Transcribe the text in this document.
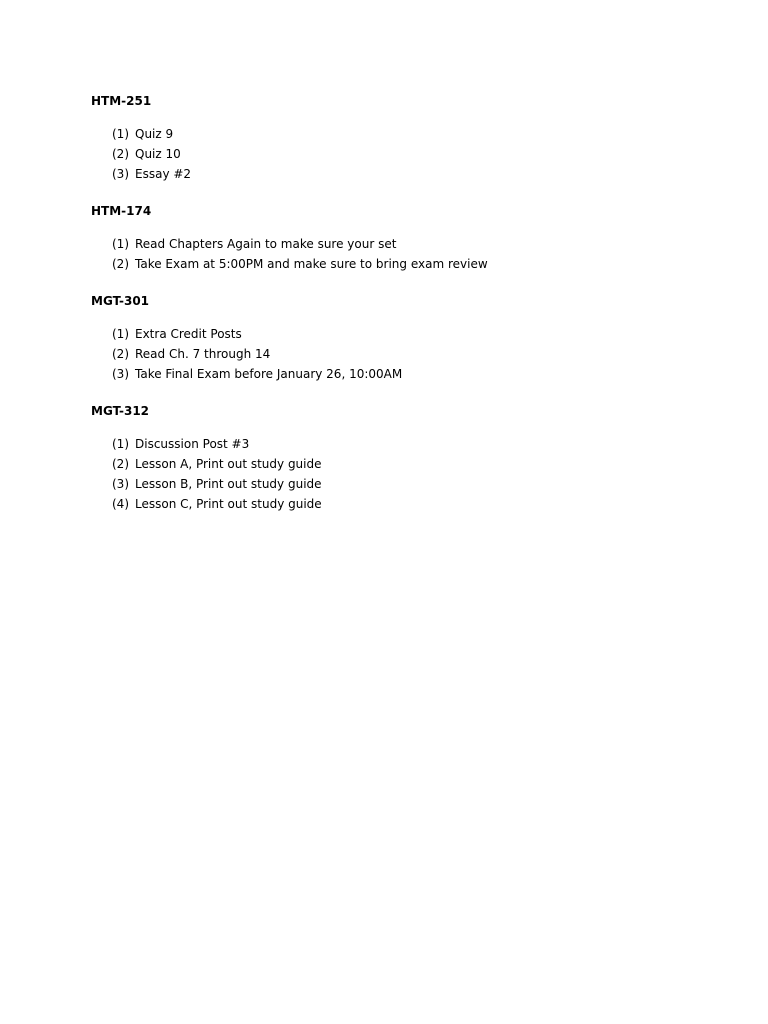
HTM-251
(1) Quiz 9
(2) Quiz 10
(3) Essay #2
HTM-174
(1) Read Chapters Again to make sure your set
(2) Take Exam at 5:00PM and make sure to bring exam review
MGT-301
(1) Extra Credit Posts
(2) Read Ch. 7 through 14
(3) Take Final Exam before January 26, 10:00AM
MGT-312
(1) Discussion Post #3
(2) Lesson A, Print out study guide
(3) Lesson B, Print out study guide
(4) Lesson C, Print out study guide
